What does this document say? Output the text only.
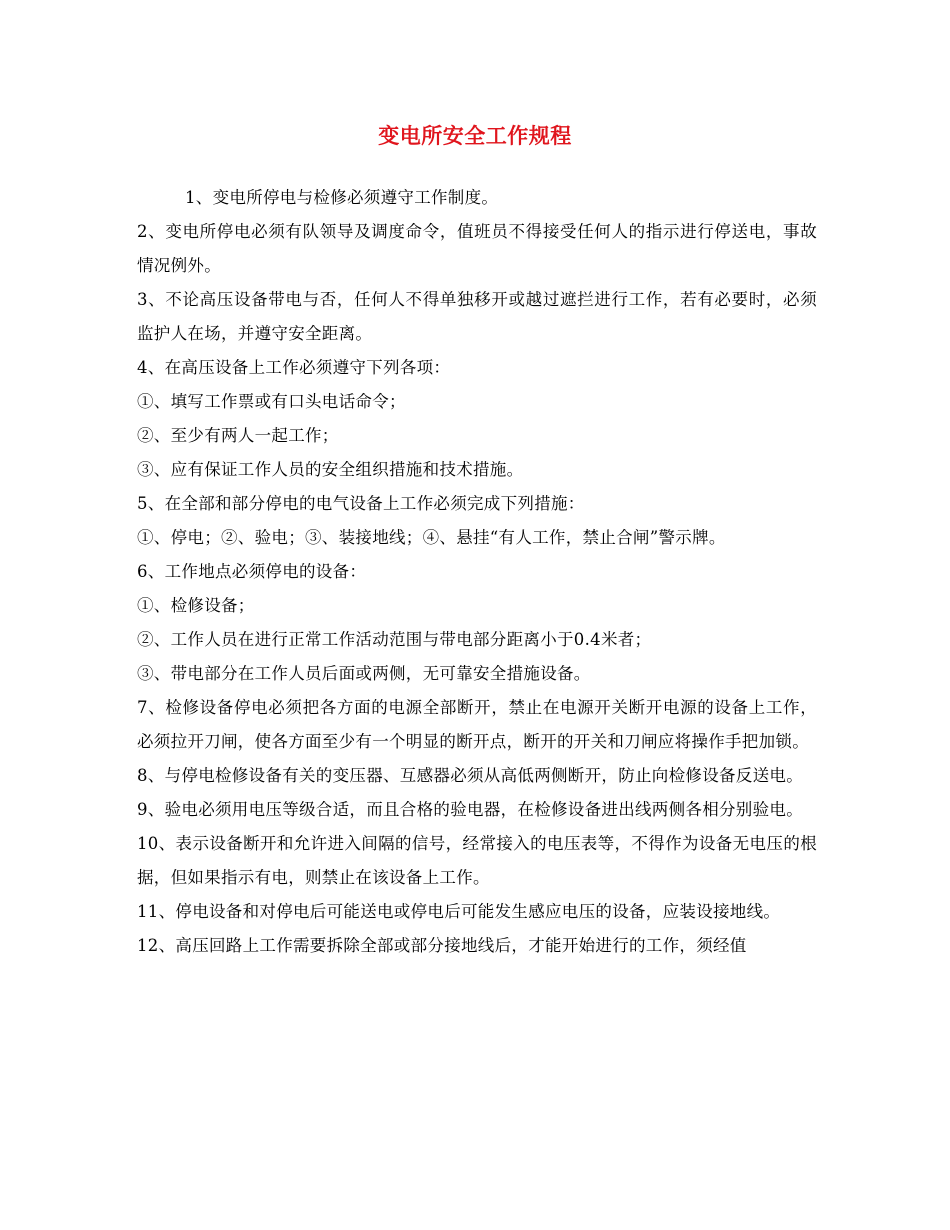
变电所安全工作规程

1、变电所停电与检修必须遵守工作制度。

2、变电所停电必须有队领导及调度命令，值班员不得接受任何人的指示进行停送电，事故情况例外。

3、不论高压设备带电与否，任何人不得单独移开或越过遮拦进行工作，若有必要时，必须监护人在场，并遵守安全距离。

4、在高压设备上工作必须遵守下列各项：

①、填写工作票或有口头电话命令；

②、至少有两人一起工作；

③、应有保证工作人员的安全组织措施和技术措施。

5、在全部和部分停电的电气设备上工作必须完成下列措施：

①、停电；②、验电；③、装接地线；④、悬挂“有人工作，禁止合闸”警示牌。

6、工作地点必须停电的设备：

①、检修设备；

②、工作人员在进行正常工作活动范围与带电部分距离小于0.4米者；

③、带电部分在工作人员后面或两侧，无可靠安全措施设备。

7、检修设备停电必须把各方面的电源全部断开，禁止在电源开关断开电源的设备上工作，必须拉开刀闸，使各方面至少有一个明显的断开点，断开的开关和刀闸应将操作手把加锁。

8、与停电检修设备有关的变压器、互感器必须从高低两侧断开，防止向检修设备反送电。

9、验电必须用电压等级合适，而且合格的验电器，在检修设备进出线两侧各相分别验电。

10、表示设备断开和允许进入间隔的信号，经常接入的电压表等，不得作为设备无电压的根据，但如果指示有电，则禁止在该设备上工作。

11、停电设备和对停电后可能送电或停电后可能发生感应电压的设备，应装设接地线。

12、高压回路上工作需要拆除全部或部分接地线后，才能开始进行的工作，须经值
